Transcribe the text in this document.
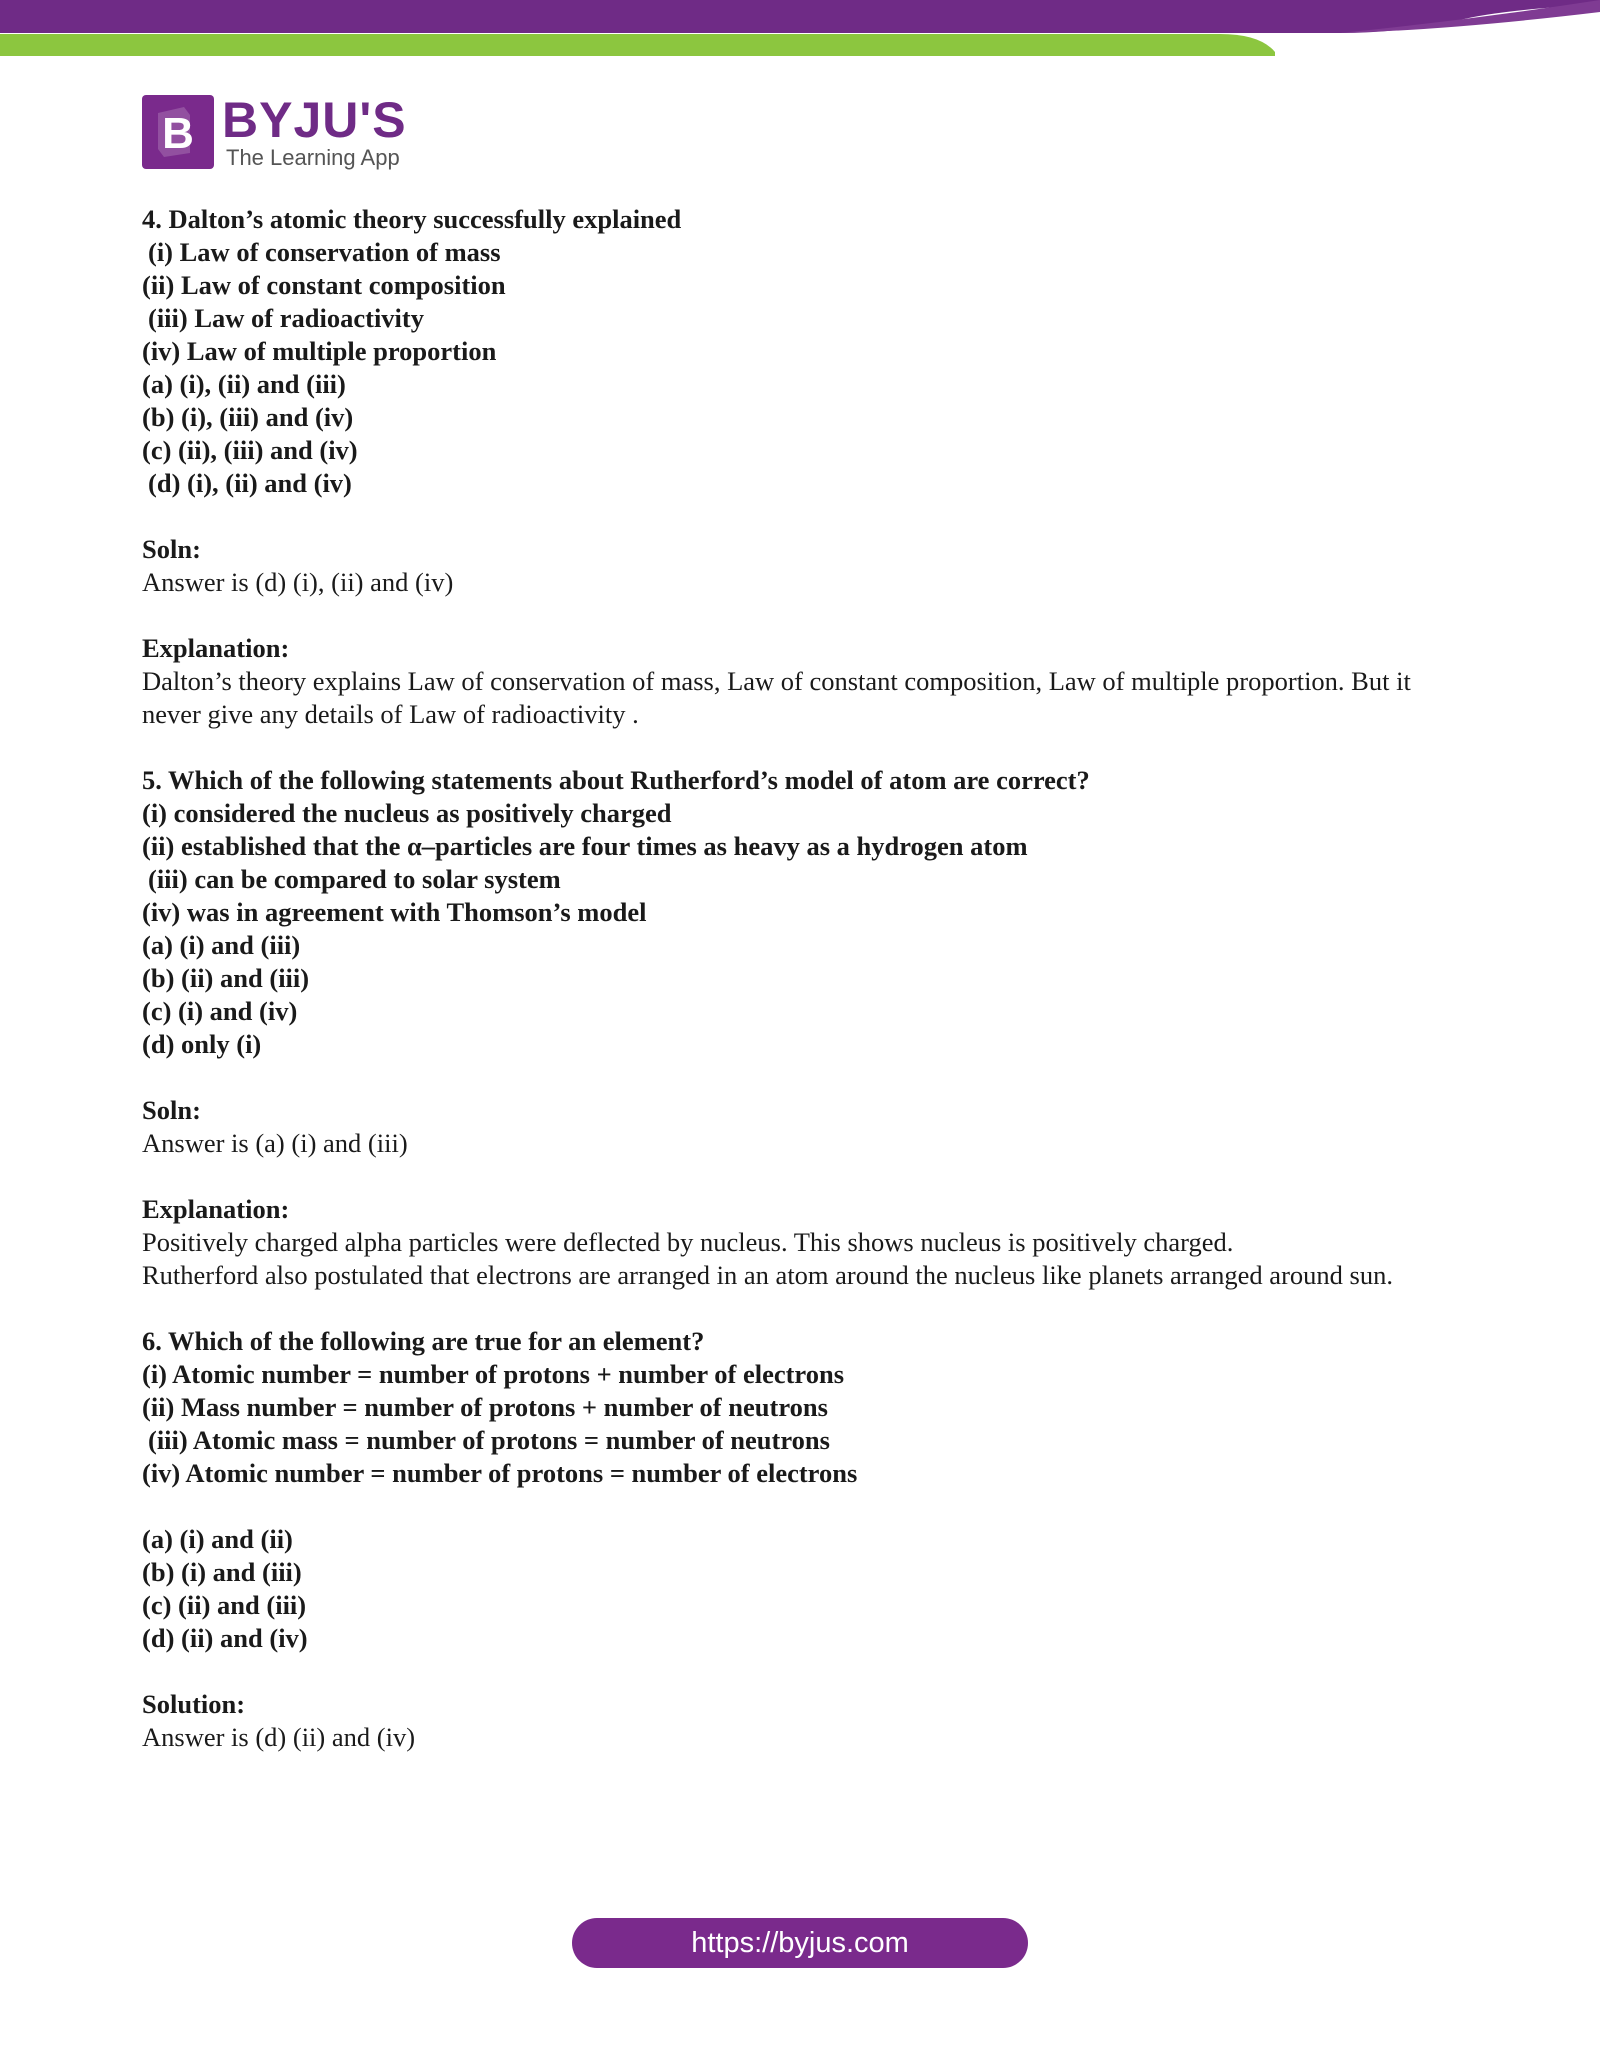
B BYJU'S
The Learning App

4. Dalton’s atomic theory successfully explained

(i) Law of conservation of mass

(ii) Law of constant composition

(iii) Law of radioactivity

(iv) Law of multiple proportion

(a) (i), (ii) and (iii)

(b) (i), (iii) and (iv)

(c) (ii), (iii) and (iv)

(d) (i), (ii) and (iv)

Soln:

Answer is (d) (i), (ii) and (iv)

Explanation:

Dalton’s theory explains Law of conservation of mass, Law of constant composition, Law of multiple proportion. But it never give any details of Law of radioactivity .

5. Which of the following statements about Rutherford’s model of atom are correct?

(i) considered the nucleus as positively charged

(ii) established that the α–particles are four times as heavy as a hydrogen atom

(iii) can be compared to solar system

(iv) was in agreement with Thomson’s model

(a) (i) and (iii)

(b) (ii) and (iii)

(c) (i) and (iv)

(d) only (i)

Soln:

Answer is (a) (i) and (iii)

Explanation:

Positively charged alpha particles were deflected by nucleus. This shows nucleus is positively charged.

Rutherford also postulated that electrons are arranged in an atom around the nucleus like planets arranged around sun.

6. Which of the following are true for an element?

(i) Atomic number = number of protons + number of electrons

(ii) Mass number = number of protons + number of neutrons

(iii) Atomic mass = number of protons = number of neutrons

(iv) Atomic number = number of protons = number of electrons

(a) (i) and (ii)

(b) (i) and (iii)

(c) (ii) and (iii)

(d) (ii) and (iv)

Solution:

Answer is (d) (ii) and (iv)

https://byjus.com
